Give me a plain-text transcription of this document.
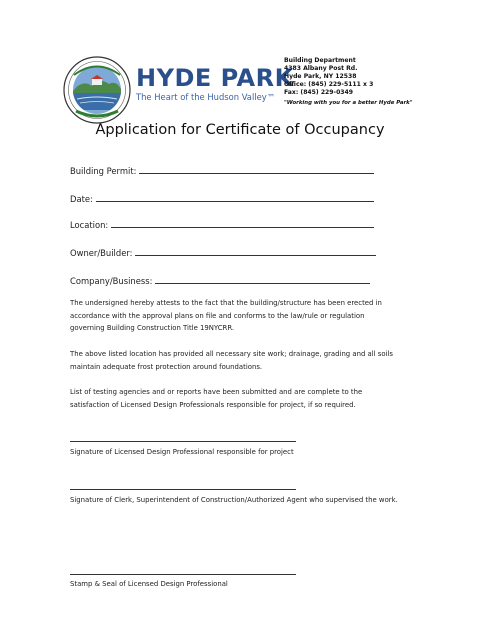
HYDE PARK
The Heart of the Hudson Valley™
Building Department
4383 Albany Post Rd.
Hyde Park, NY 12538
Office: (845) 229-5111 x 3
Fax: (845) 229-0349
"Working with you for a better Hyde Park"
Application for Certificate of Occupancy
Building Permit:
Date:
Location:
Owner/Builder:
Company/Business:

The undersigned hereby attests to the fact that the building/structure has been erected in accordance with the approval plans on file and conforms to the law/rule or regulation governing Building Construction Title 19NYCRR.

The above listed location has provided all necessary site work; drainage, grading and all soils maintain adequate frost protection around foundations.

List of testing agencies and or reports have been submitted and are complete to the satisfaction of Licensed Design Professionals responsible for project, if so required.

Signature of Licensed Design Professional responsible for project

Signature of Clerk, Superintendent of Construction/Authorized Agent who supervised the work.

Stamp & Seal of Licensed Design Professional
